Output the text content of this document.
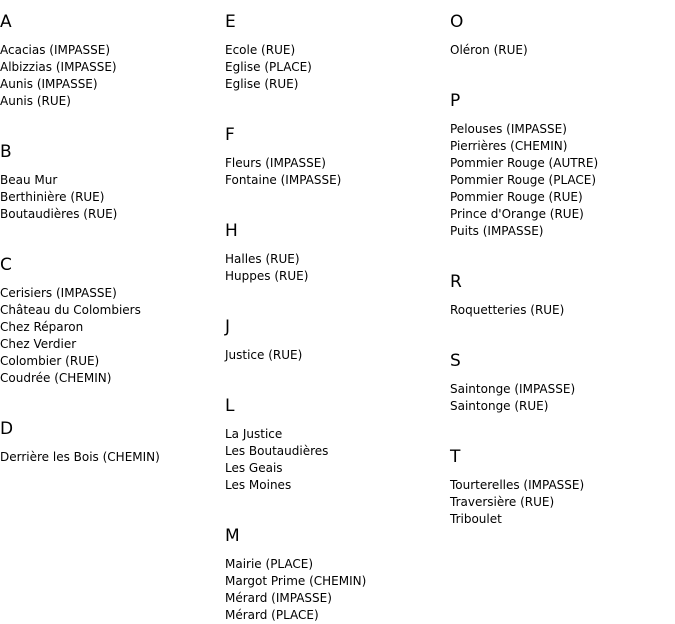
A
Acacias (IMPASSE)
Albizzias (IMPASSE)
Aunis (IMPASSE)
Aunis (RUE)
B
Beau Mur
Berthinière (RUE)
Boutaudières (RUE)
C
Cerisiers (IMPASSE)
Château du Colombiers
Chez Réparon
Chez Verdier
Colombier (RUE)
Coudrée (CHEMIN)
D
Derrière les Bois (CHEMIN)
E
Ecole (RUE)
Eglise (PLACE)
Eglise (RUE)
F
Fleurs (IMPASSE)
Fontaine (IMPASSE)
H
Halles (RUE)
Huppes (RUE)
J
Justice (RUE)
L
La Justice
Les Boutaudières
Les Geais
Les Moines
M
Mairie (PLACE)
Margot Prime (CHEMIN)
Mérard (IMPASSE)
Mérard (PLACE)
O
Oléron (RUE)
P
Pelouses (IMPASSE)
Pierrières (CHEMIN)
Pommier Rouge (AUTRE)
Pommier Rouge (PLACE)
Pommier Rouge (RUE)
Prince d'Orange (RUE)
Puits (IMPASSE)
R
Roquetteries (RUE)
S
Saintonge (IMPASSE)
Saintonge (RUE)
T
Tourterelles (IMPASSE)
Traversière (RUE)
Triboulet
